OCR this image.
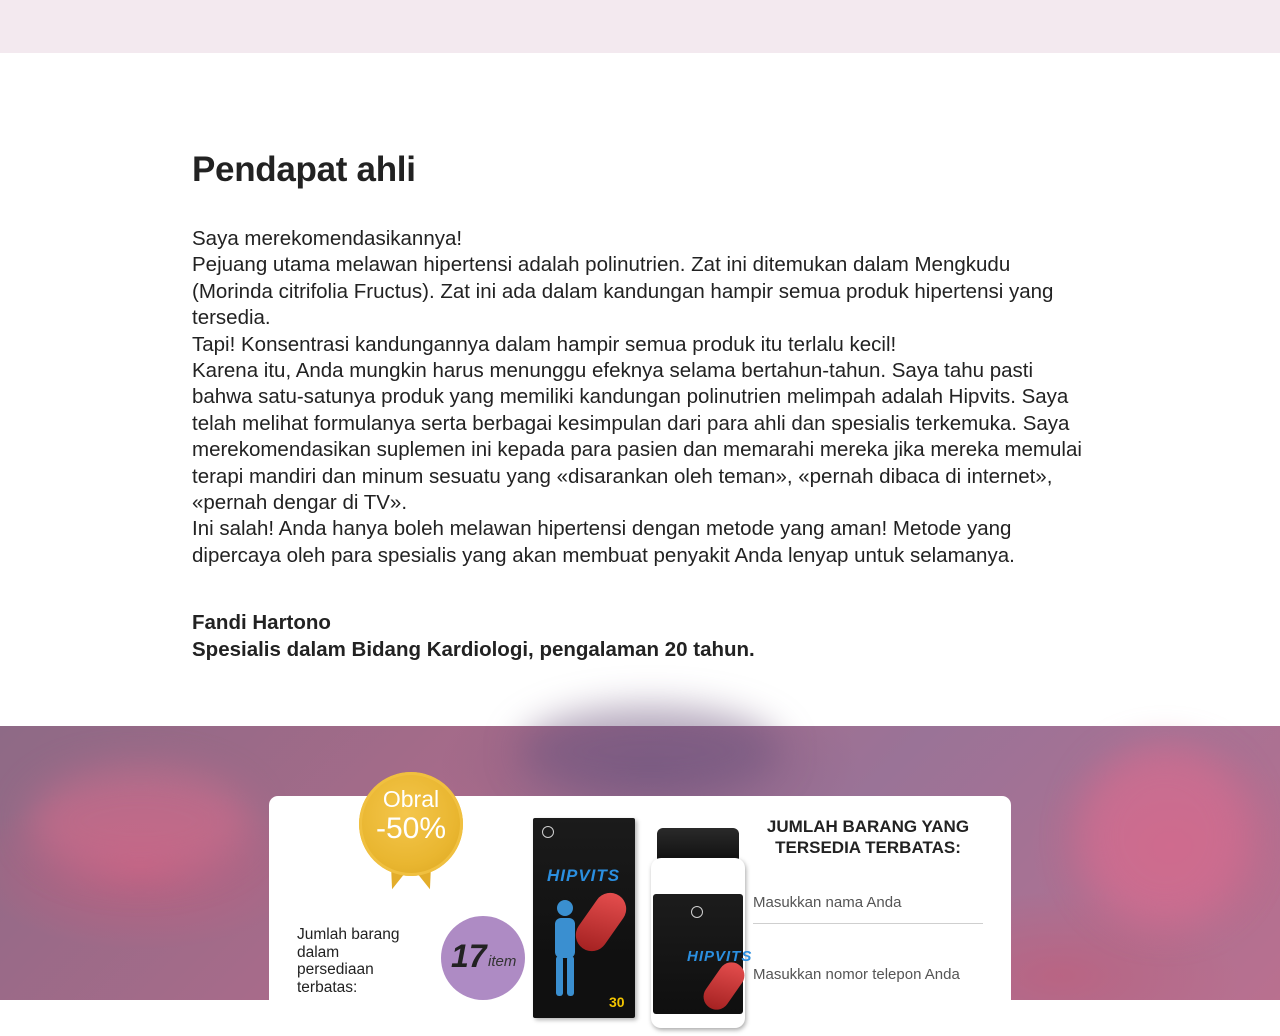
Pendapat ahli

Saya merekomendasikannya!

Pejuang utama melawan hipertensi adalah polinutrien. Zat ini ditemukan dalam Mengkudu (Morinda citrifolia Fructus). Zat ini ada dalam kandungan hampir semua produk hipertensi yang tersedia.

Tapi! Konsentrasi kandungannya dalam hampir semua produk itu terlalu kecil!

Karena itu, Anda mungkin harus menunggu efeknya selama bertahun-tahun. Saya tahu pasti bahwa satu-satunya produk yang memiliki kandungan polinutrien melimpah adalah Hipvits. Saya telah melihat formulanya serta berbagai kesimpulan dari para ahli dan spesialis terkemuka. Saya merekomendasikan suplemen ini kepada para pasien dan memarahi mereka jika mereka memulai terapi mandiri dan minum sesuatu yang «disarankan oleh teman», «pernah dibaca di internet», «pernah dengar di TV».

Ini salah! Anda hanya boleh melawan hipertensi dengan metode yang aman! Metode yang dipercaya oleh para spesialis yang akan membuat penyakit Anda lenyap untuk selamanya.

Fandi Hartono
Spesialis dalam Bidang Kardiologi, pengalaman 20 tahun.
Obral
-50%
Jumlah barang dalam persediaan terbatas:
17 item
HIPVITS
30
HIPVITS
JUMLAH BARANG YANG TERSEDIA TERBATAS:
Masukkan nama Anda Masukkan nomor telepon Anda
